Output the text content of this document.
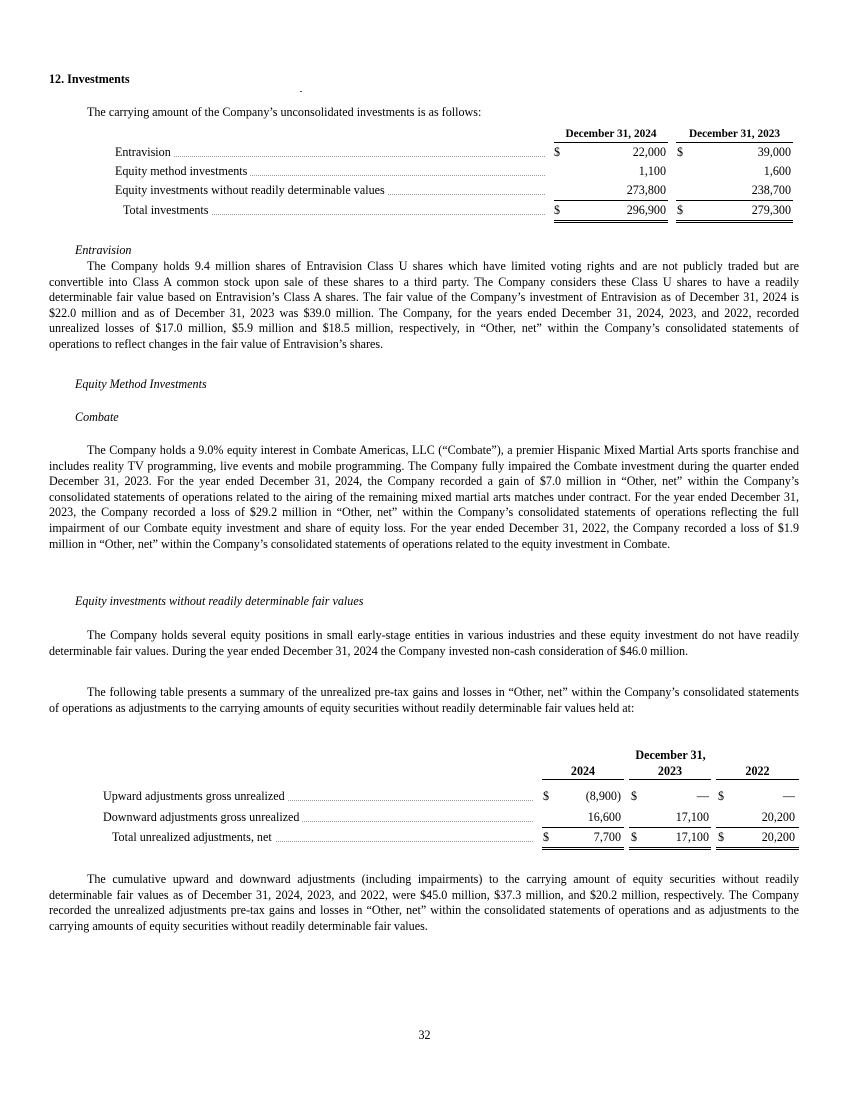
12. Investments
The carrying amount of the Company’s unconsolidated investments is as follows:
December 31, 2024	December 31, 2023
Entravision	$	22,000 $	39,000
Equity method investments	1,100	1,600
Equity investments without readily determinable values	273,800	238,700
Total investments	$	296,900 $	279,300
Entravision
The Company holds 9.4 million shares of Entravision Class U shares which have limited voting rights and are not publicly traded but are convertible into Class A common stock upon sale of these shares to a third party. The Company considers these Class U shares to have a readily determinable fair value based on Entravision’s Class A shares. The fair value of the Company’s investment of Entravision as of December 31, 2024 is $22.0 million and as of December 31, 2023 was $39.0 million. The Company, for the years ended December 31, 2024, 2023, and 2022, recorded unrealized losses of $17.0 million, $5.9 million and $18.5 million, respectively, in “Other, net” within the Company’s consolidated statements of operations to reflect changes in the fair value of Entravision’s shares.
Equity Method Investments
Combate
The Company holds a 9.0% equity interest in Combate Americas, LLC (“Combate”), a premier Hispanic Mixed Martial Arts sports franchise and includes reality TV programming, live events and mobile programming. The Company fully impaired the Combate investment during the quarter ended December 31, 2023. For the year ended December 31, 2024, the Company recorded a gain of $7.0 million in “Other, net” within the Company’s consolidated statements of operations related to the airing of the remaining mixed martial arts matches under contract. For the year ended December 31, 2023, the Company recorded a loss of $29.2 million in “Other, net” within the Company’s consolidated statements of operations reflecting the full impairment of our Combate equity investment and share of equity loss. For the year ended December 31, 2022, the Company recorded a loss of $1.9 million in “Other, net” within the Company’s consolidated statements of operations related to the equity investment in Combate.
Equity investments without readily determinable fair values
The Company holds several equity positions in small early-stage entities in various industries and these equity investment do not have readily determinable fair values. During the year ended December 31, 2024 the Company invested non-cash consideration of $46.0 million.
The following table presents a summary of the unrealized pre-tax gains and losses in “Other, net” within the Company’s consolidated statements of operations as adjustments to the carrying amounts of equity securities without readily determinable fair values held at:
December 31,
2024	2023	2022
Upward adjustments gross unrealized	$	(8,900) $	— $	—
Downward adjustments gross unrealized	16,600	17,100	20,200
Total unrealized adjustments, net	$	7,700 $	17,100 $	20,200
The cumulative upward and downward adjustments (including impairments) to the carrying amount of equity securities without readily determinable fair values as of December 31, 2024, 2023, and 2022, were $45.0 million, $37.3 million, and $20.2 million, respectively. The Company recorded the unrealized adjustments pre-tax gains and losses in “Other, net” within the consolidated statements of operations and as adjustments to the carrying amounts of equity securities without readily determinable fair values.
32
